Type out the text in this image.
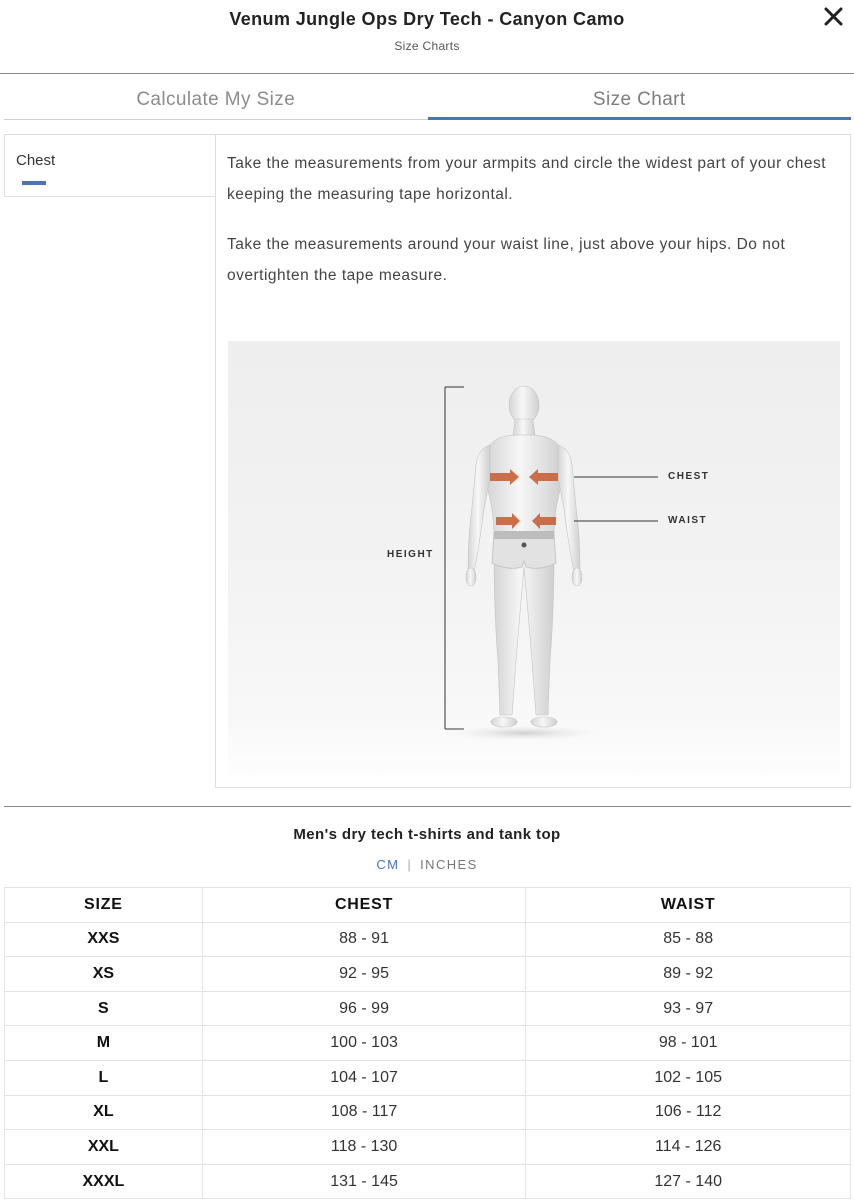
Venum Jungle Ops Dry Tech - Canyon Camo
Size Charts
Calculate My Size	Size Chart
Chest	Take the measurements from your armpits and circle the widest part of your chest keeping the measuring tape horizontal.

Take the measurements around your waist line, just above your hips. Do not overtighten the tape measure.

HEIGHT
CHEST
WAIST
Men's dry tech t-shirts and tank top
CM | INCHES
SIZE	CHEST	WAIST
XXS	88 - 91	85 - 88
XS	92 - 95	89 - 92
S	96 - 99	93 - 97
M	100 - 103	98 - 101
L	104 - 107	102 - 105
XL	108 - 117	106 - 112
XXL	118 - 130	114 - 126
XXXL	131 - 145	127 - 140
